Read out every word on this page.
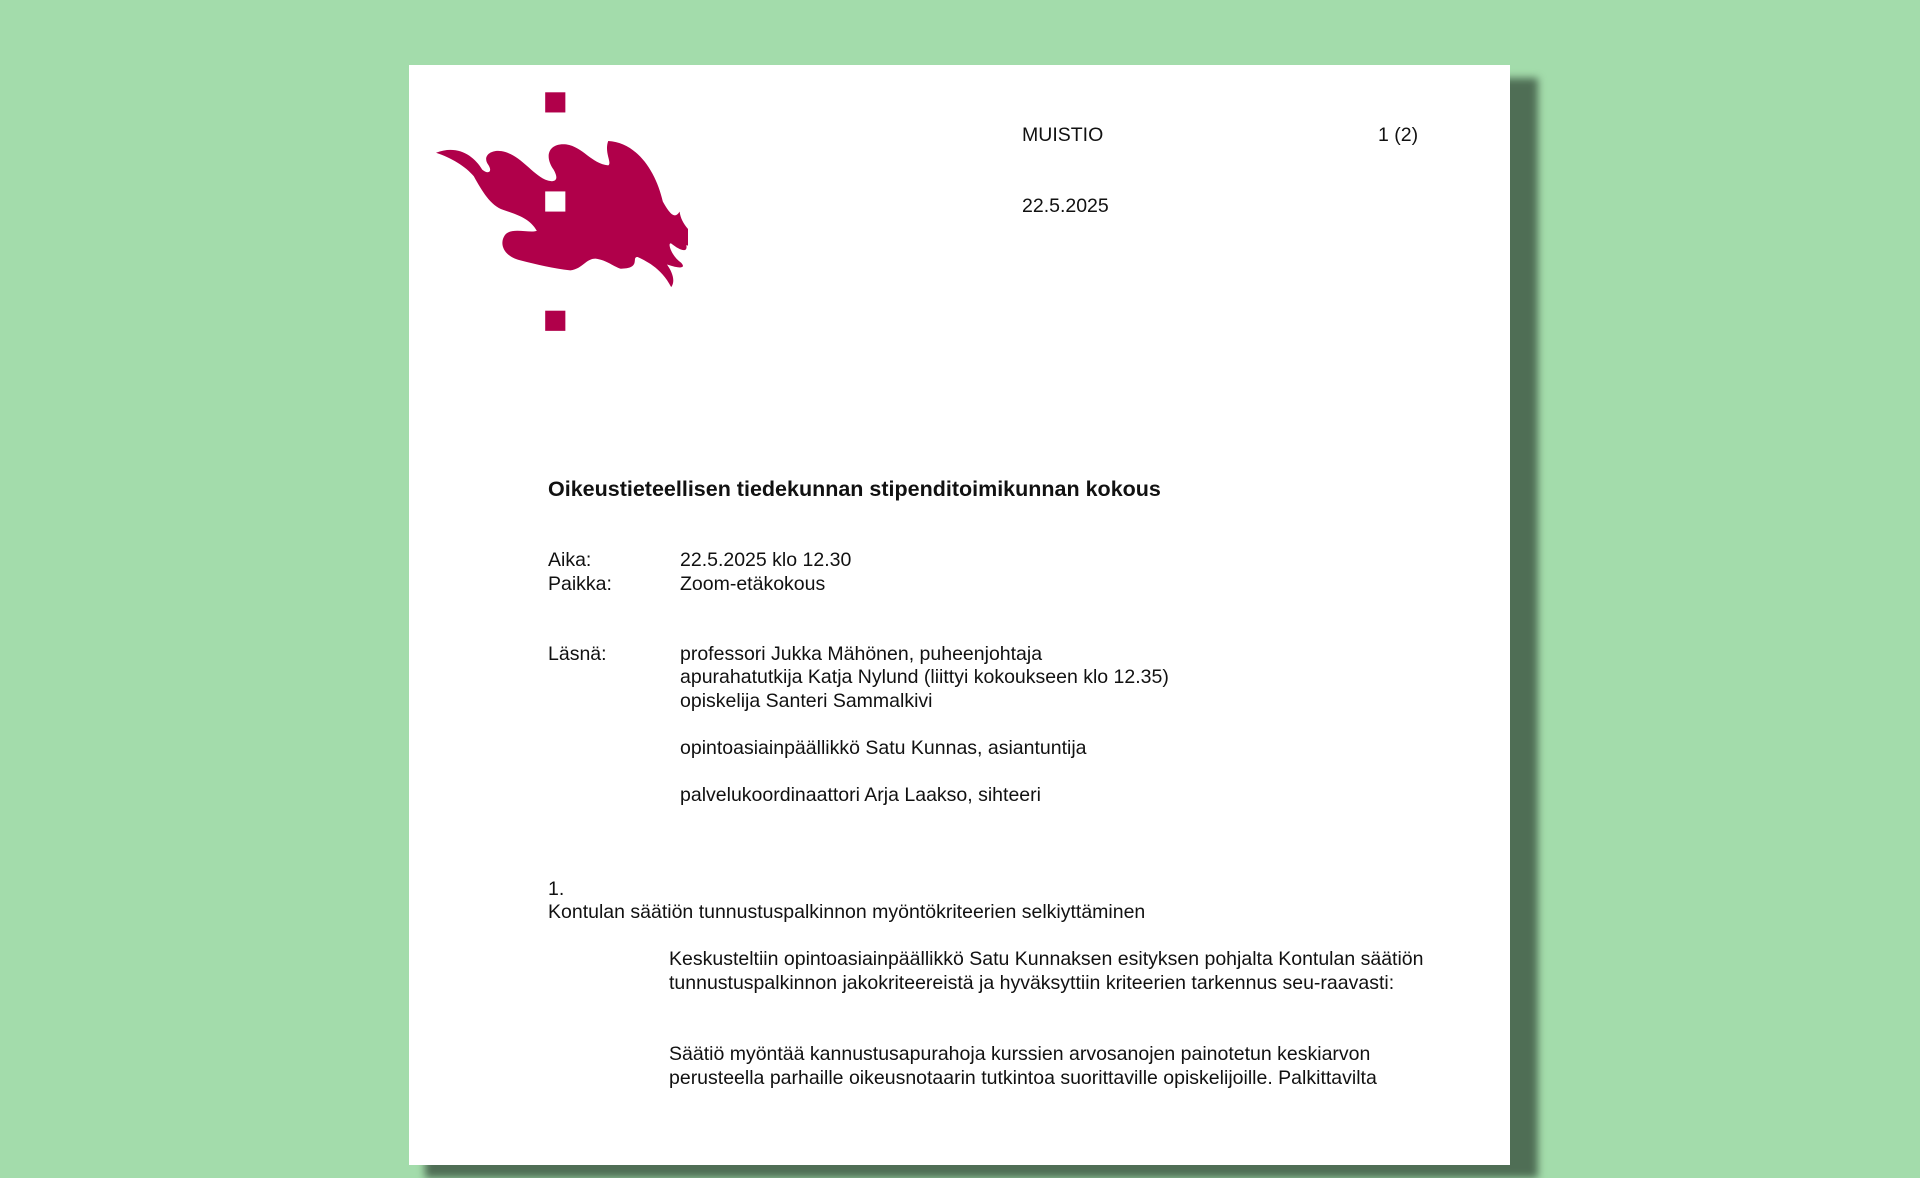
MUISTIO	1 (2)
22.5.2025
Oikeustieteellisen tiedekunnan stipenditoimikunnan kokous
Aika:	22.5.2025 klo 12.30
Paikka:	Zoom-etäkokous
Läsnä:	professori Jukka Mähönen, puheenjohtaja
apurahatutkija Katja Nylund (liittyi kokoukseen klo 12.35)
opiskelija Santeri Sammalkivi
opintoasiainpäällikkö Satu Kunnas, asiantuntija
palvelukoordinaattori Arja Laakso, sihteeri
1.
Kontulan säätiön tunnustuspalkinnon myöntökriteerien selkiyttäminen
Keskusteltiin opintoasiainpäällikkö Satu Kunnaksen esityksen pohjalta Kontulan säätiön tunnustuspalkinnon jakokriteereistä ja hyväksyttiin kriteerien tarkennus seu-raavasti:
Säätiö myöntää kannustusapurahoja kurssien arvosanojen painotetun keskiarvon perusteella parhaille oikeusnotaarin tutkintoa suorittaville opiskelijoille. Palkittavilta
